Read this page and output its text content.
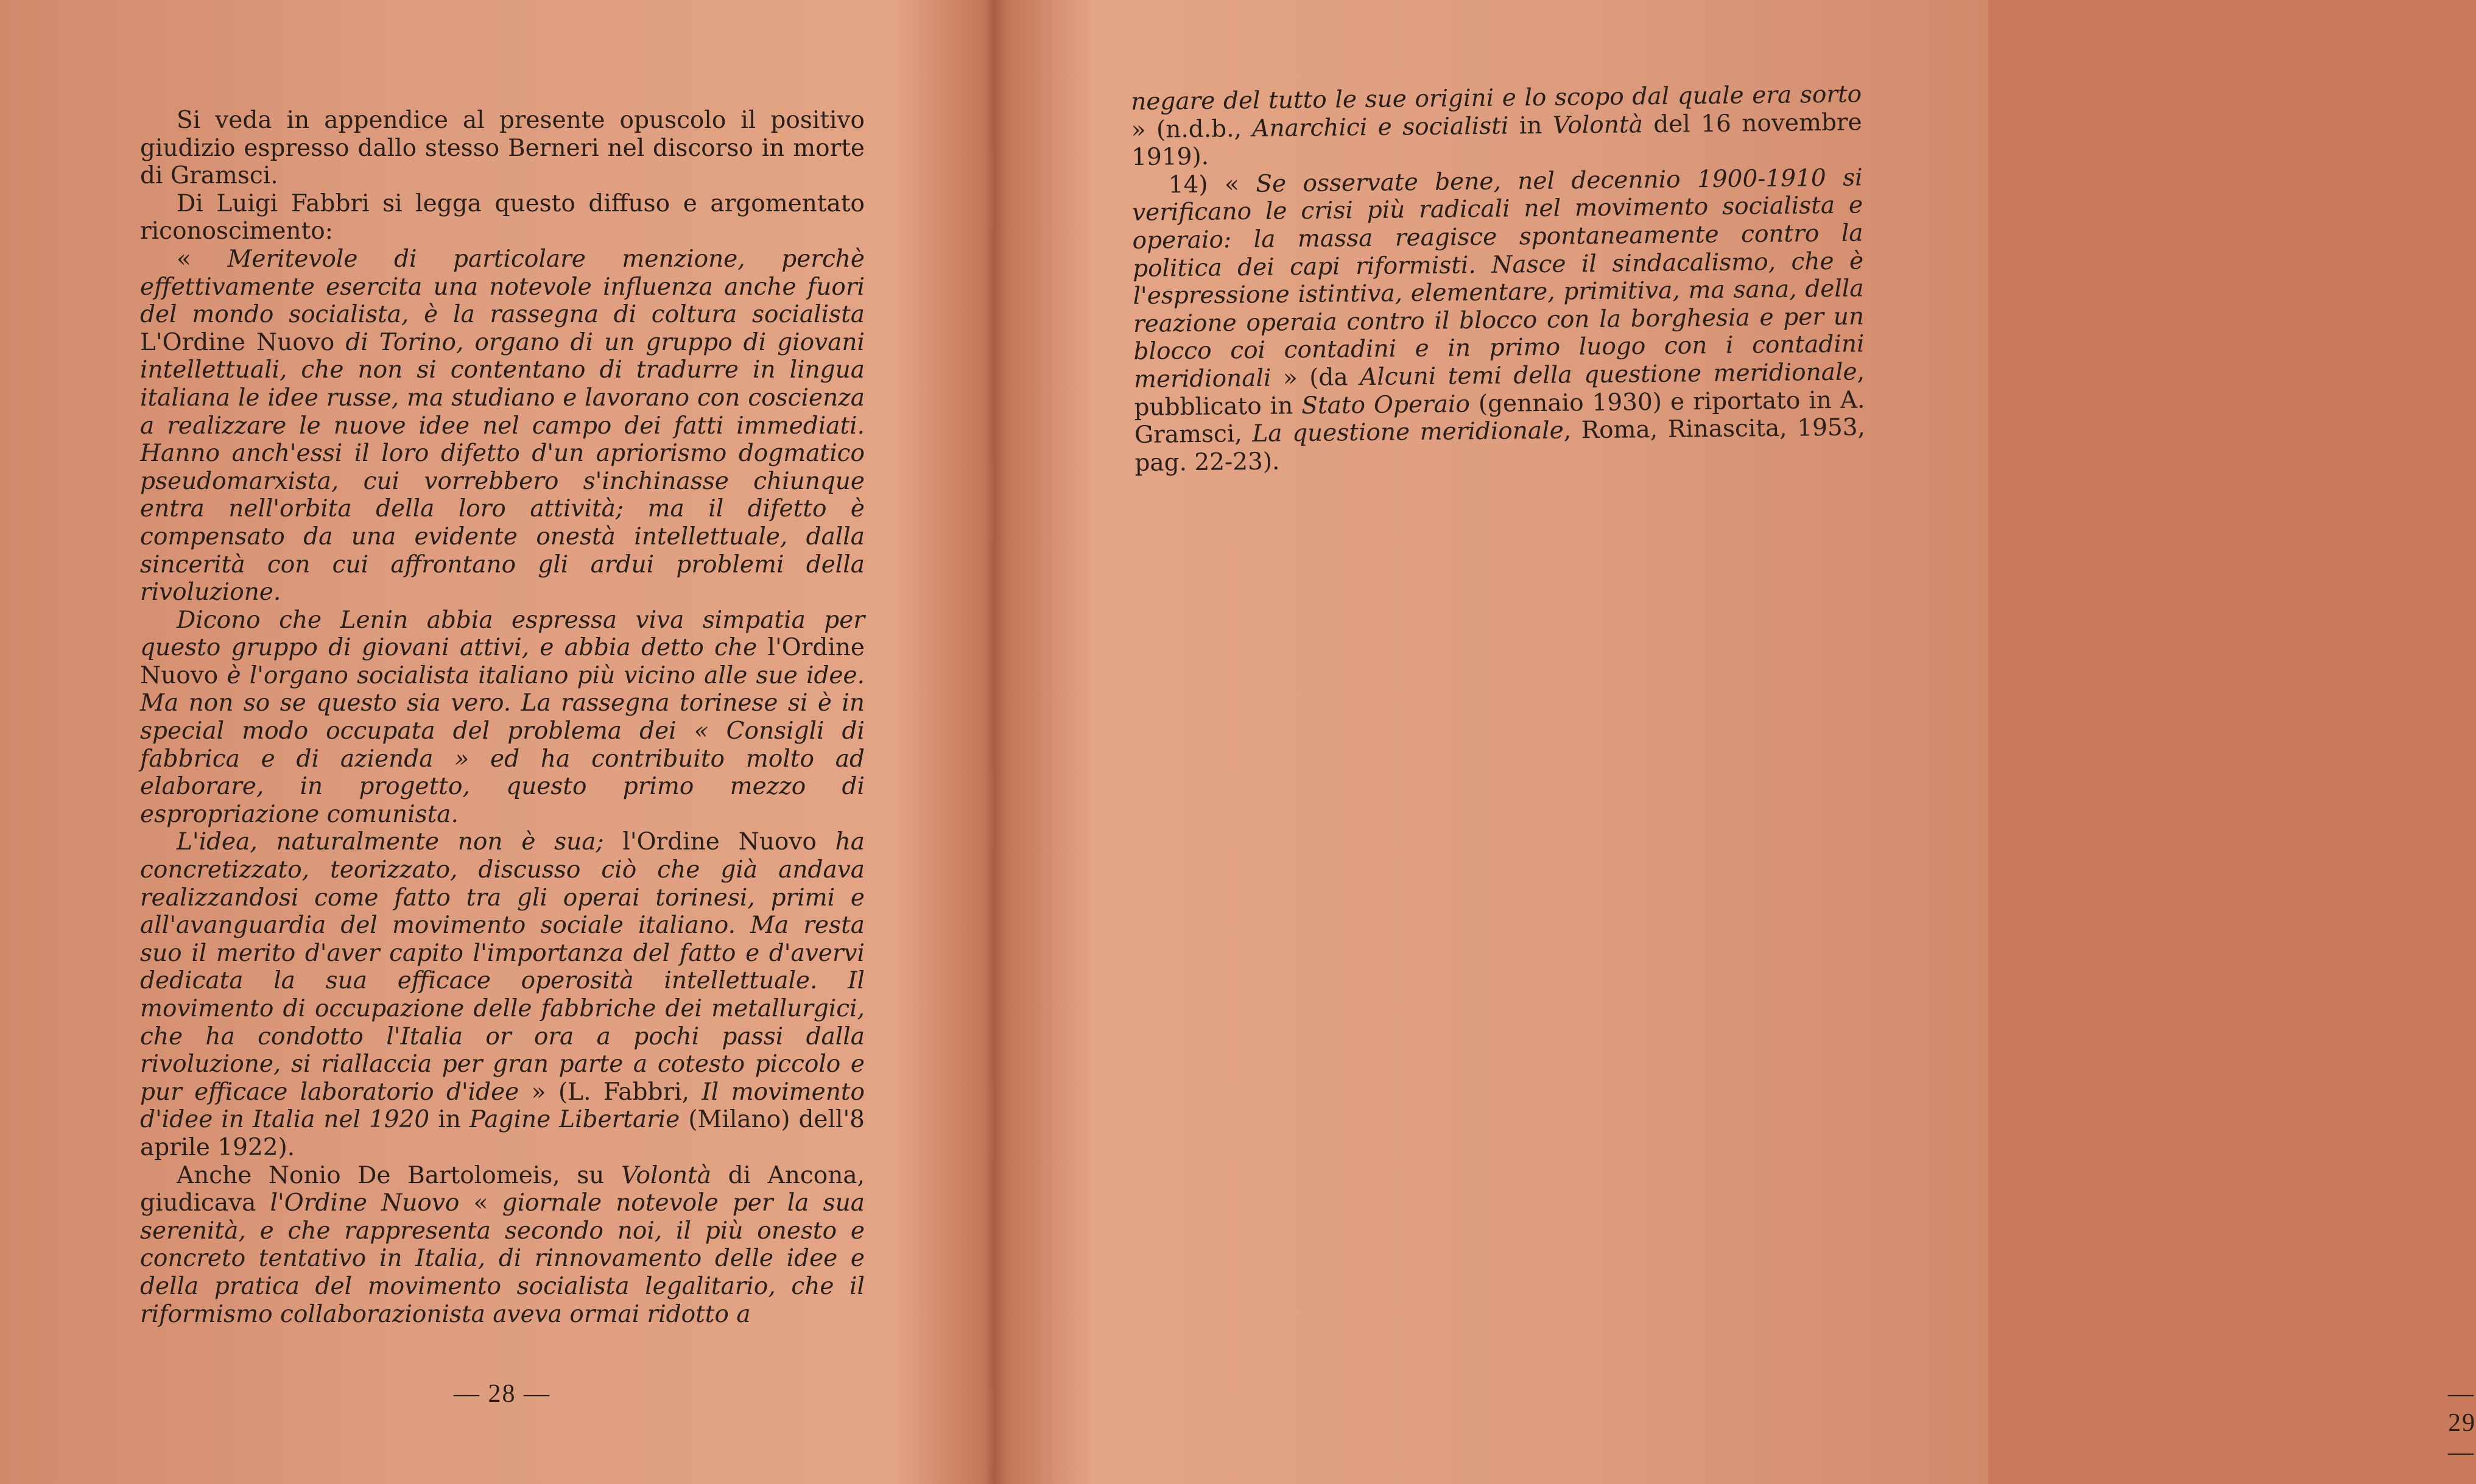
Si veda in appendice al presente opuscolo il positivo giudizio espresso dallo stesso Berneri nel discorso in morte di Gramsci.

Di Luigi Fabbri si legga questo diffuso e argomentato riconoscimento:

« Meritevole di particolare menzione, perchè effettivamente esercita una notevole influenza anche fuori del mondo socialista, è la rassegna di coltura socialista L'Ordine Nuovo di Torino, organo di un gruppo di giovani intellettuali, che non si contentano di tradurre in lingua italiana le idee russe, ma studiano e lavorano con coscienza a realizzare le nuove idee nel campo dei fatti immediati. Hanno anch'essi il loro difetto d'un apriorismo dogmatico pseudomarxista, cui vorrebbero s'inchinasse chiunque entra nell'orbita della loro attività; ma il difetto è compensato da una evidente onestà intellettuale, dalla sincerità con cui affrontano gli ardui problemi della rivoluzione.

Dicono che Lenin abbia espressa viva simpatia per questo gruppo di giovani attivi, e abbia detto che l'Ordine Nuovo è l'organo socialista italiano più vicino alle sue idee. Ma non so se questo sia vero. La rassegna torinese si è in special modo occupata del problema dei « Consigli di fabbrica e di azienda » ed ha contribuito molto ad elaborare, in progetto, questo primo mezzo di espropriazione comunista.

L'idea, naturalmente non è sua; l'Ordine Nuovo ha concretizzato, teorizzato, discusso ciò che già andava realizzandosi come fatto tra gli operai torinesi, primi e all'avanguardia del movimento sociale italiano. Ma resta suo il merito d'aver capito l'importanza del fatto e d'avervi dedicata la sua efficace operosità intellettuale. Il movimento di occupazione delle fabbriche dei metallurgici, che ha condotto l'Italia or ora a pochi passi dalla rivoluzione, si riallaccia per gran parte a cotesto piccolo e pur efficace laboratorio d'idee » (L. Fabbri, Il movimento d'idee in Italia nel 1920 in Pagine Libertarie (Milano) dell'8 aprile 1922).

Anche Nonio De Bartolomeis, su Volontà di Ancona, giudicava l'Ordine Nuovo « giornale notevole per la sua serenità, e che rappresenta secondo noi, il più onesto e concreto tentativo in Italia, di rinnovamento delle idee e della pratica del movimento socialista legalitario, che il riformismo collaborazionista aveva ormai ridotto a

— 28 —

negare del tutto le sue origini e lo scopo dal quale era sorto » (n.d.b., Anarchici e socialisti in Volontà del 16 novembre 1919).

14) « Se osservate bene, nel decennio 1900-1910 si verificano le crisi più radicali nel movimento socialista e operaio: la massa reagisce spontaneamente contro la politica dei capi riformisti. Nasce il sindacalismo, che è l'espressione istintiva, elementare, primitiva, ma sana, della reazione operaia contro il blocco con la borghesia e per un blocco coi contadini e in primo luogo con i contadini meridionali » (da Alcuni temi della questione meridionale, pubblicato in Stato Operaio (gennaio 1930) e riportato in A. Gramsci, La questione meridionale, Roma, Rinascita, 1953, pag. 22-23).

— 29 —
